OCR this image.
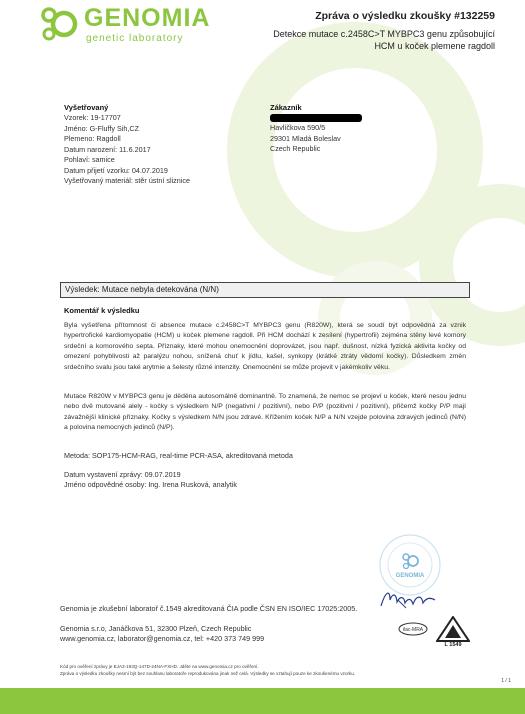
GENOMIA
genetic laboratory
Zpráva o výsledku zkoušky #132259
Detekce mutace c.2458C>T MYBPC3 genu způsobující HCM u koček plemene ragdoll
Vyšetřovaný
Vzorek: 19-17707
Jméno: G-Fluffy Sih,CZ
Plemeno: Ragdoll
Datum narození: 11.6.2017
Pohlaví: samice
Datum přijetí vzorku: 04.07.2019
Vyšetřovaný materiál: stěr ústní sliznice
Zákazník
Havlíčkova 590/5
29301 Mladá Boleslav
Czech Republic
Výsledek: Mutace nebyla detekována (N/N)
Komentář k výsledku
Byla vyšetřena přítomnost či absence mutace c.2458C>T MYBPC3 genu (R820W), která se soudí být odpovědná za vznik hypertrofické kardiomyopatie (HCM) u koček plemene ragdoll. Při HCM dochází k zesílení (hypertrofii) zejména stěny levé komory srdeční a komorového septa. Příznaky, které mohou onemocnění doprovázet, jsou např. dušnost, nízká fyzická aktivita kočky od omezení pohyblivosti až paralýzu nohou, snížená chuť k jídlu, kašel, synkopy (krátké ztráty vědomí kočky). Důsledkem změn srdečního svalu jsou také arytmie a šelesty různé intenzity. Onemocnění se může projevit v jakémkoliv věku.
Mutace R820W v MYBPC3 genu je děděna autosomálně dominantně. To znamená, že nemoc se projeví u koček, které nesou jednu nebo dvě mutované alely - kočky s výsledkem N/P (negativní / pozitivní), nebo P/P (pozitivní / pozitivní), přičemž kočky P/P mají závažnější klinické příznaky. Kočky s výsledkem N/N jsou zdravé. Křížením koček N/P a N/N vzejde polovina zdravých jedinců (N/N) a polovina nemocných jedinců (N/P).
Metoda: SOP175-HCM-RAG, real-time PCR-ASA, akreditovaná metoda
Datum vystavení zprávy: 09.07.2019
Jméno odpovědné osoby: Ing. Irena Rusková, analytik
GENOMIA
Genomia je zkušební laboratoř č.1549 akreditovaná ČIA podle ČSN EN ISO/IEC 17025:2005.
Genomia s.r.o, Janáčkova 51, 32300 Plzeň, Czech Republic
www.genomia.cz, laborator@genomia.cz, tel: +420 373 749 999
ilac-MRA
L 1549
Kód pro ověření zprávy je EJA3-193Q-147D-24NA-FXHD. Jděte na www.genomia.cz pro ověření.
Zpráva o výsledku zkoušky nesmí být bez souhlasu laboratoře reprodukována jinak než celá. Výsledky se vztahují pouze ke zkoušenému vzorku.
1 / 1
